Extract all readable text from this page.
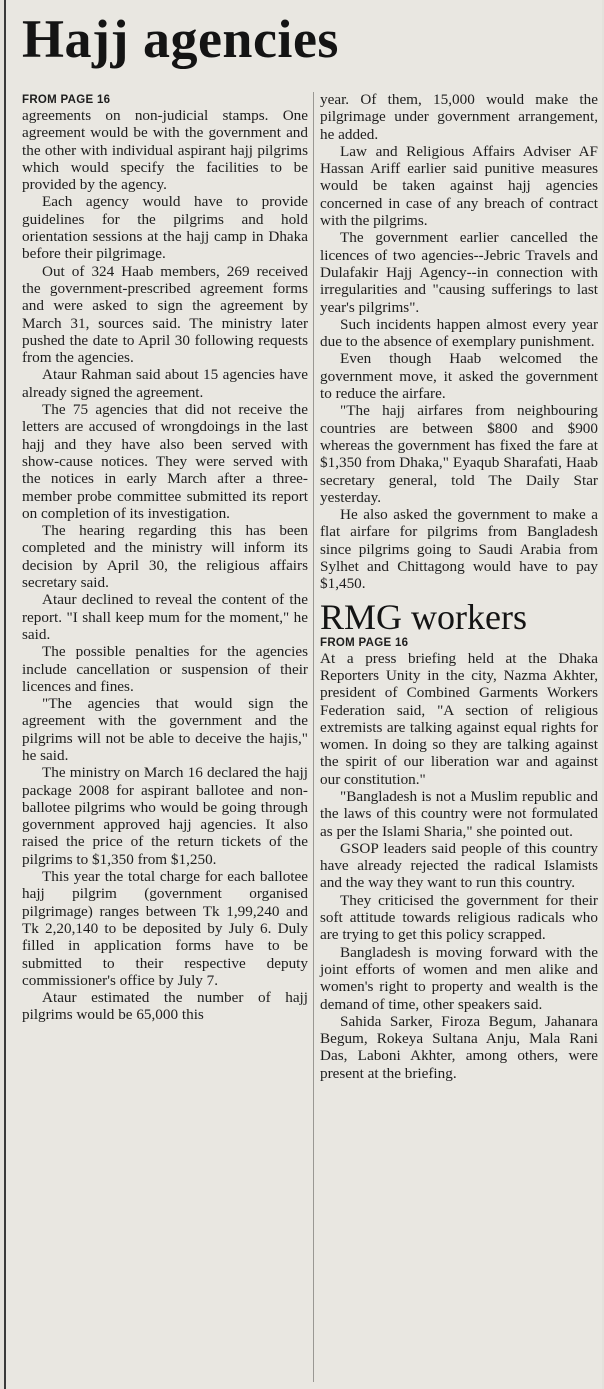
Hajj agencies
FROM PAGE 16

agreements on non-judicial stamps. One agreement would be with the government and the other with individual aspirant hajj pilgrims which would specify the facilities to be provided by the agency.

Each agency would have to provide guidelines for the pilgrims and hold orientation sessions at the hajj camp in Dhaka before their pilgrimage.

Out of 324 Haab members, 269 received the government-prescribed agreement forms and were asked to sign the agreement by March 31, sources said. The ministry later pushed the date to April 30 following requests from the agencies.

Ataur Rahman said about 15 agencies have already signed the agreement.

The 75 agencies that did not receive the letters are accused of wrongdoings in the last hajj and they have also been served with show-cause notices. They were served with the notices in early March after a three-member probe committee submitted its report on completion of its investigation.

The hearing regarding this has been completed and the ministry will inform its decision by April 30, the religious affairs secretary said.

Ataur declined to reveal the content of the report. "I shall keep mum for the moment," he said.

The possible penalties for the agencies include cancellation or suspension of their licences and fines.

"The agencies that would sign the agreement with the government and the pilgrims will not be able to deceive the hajis," he said.

The ministry on March 16 declared the hajj package 2008 for aspirant ballotee and non-ballotee pilgrims who would be going through government approved hajj agencies. It also raised the price of the return tickets of the pilgrims to $1,350 from $1,250.

This year the total charge for each ballotee hajj pilgrim (government organised pilgrimage) ranges between Tk 1,99,240 and Tk 2,20,140 to be deposited by July 6. Duly filled in application forms have to be submitted to their respective deputy commissioner's office by July 7.

Ataur estimated the number of hajj pilgrims would be 65,000 this

year. Of them, 15,000 would make the pilgrimage under government arrangement, he added.

Law and Religious Affairs Adviser AF Hassan Ariff earlier said punitive measures would be taken against hajj agencies concerned in case of any breach of contract with the pilgrims.

The government earlier cancelled the licences of two agencies--Jebric Travels and Dulafakir Hajj Agency--in connection with irregularities and "causing sufferings to last year's pilgrims".

Such incidents happen almost every year due to the absence of exemplary punishment.

Even though Haab welcomed the government move, it asked the government to reduce the airfare.

"The hajj airfares from neighbouring countries are between $800 and $900 whereas the government has fixed the fare at $1,350 from Dhaka," Eyaqub Sharafati, Haab secretary general, told The Daily Star yesterday.

He also asked the government to make a flat airfare for pilgrims from Bangladesh since pilgrims going to Saudi Arabia from Sylhet and Chittagong would have to pay $1,450.

RMG workers
FROM PAGE 16

At a press briefing held at the Dhaka Reporters Unity in the city, Nazma Akhter, president of Combined Garments Workers Federation said, "A section of religious extremists are talking against equal rights for women. In doing so they are talking against the spirit of our liberation war and against our constitution."

"Bangladesh is not a Muslim republic and the laws of this country were not formulated as per the Islami Sharia," she pointed out.

GSOP leaders said people of this country have already rejected the radical Islamists and the way they want to run this country.

They criticised the government for their soft attitude towards religious radicals who are trying to get this policy scrapped.

Bangladesh is moving forward with the joint efforts of women and men alike and women's right to property and wealth is the demand of time, other speakers said.

Sahida Sarker, Firoza Begum, Jahanara Begum, Rokeya Sultana Anju, Mala Rani Das, Laboni Akhter, among others, were present at the briefing.
